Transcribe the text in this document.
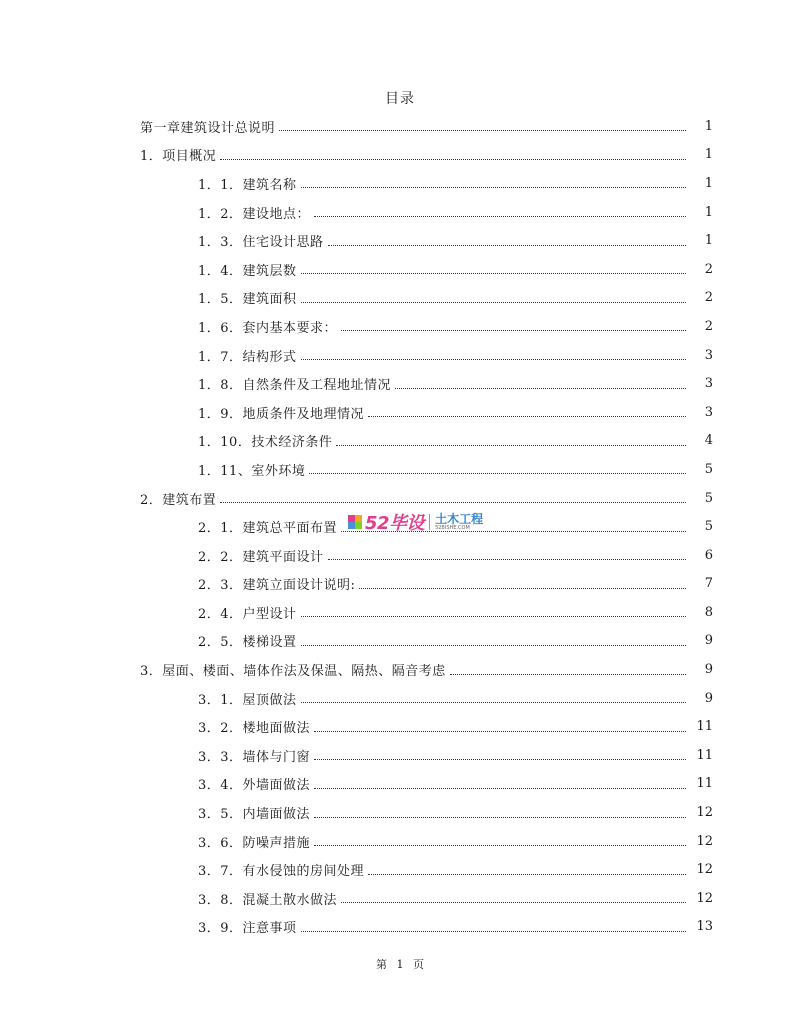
目录
第一章建筑设计总说明	1
1．项目概况	1
1．1．建筑名称	1
1．2．建设地点：	1
1．3．住宅设计思路	1
1．4．建筑层数	2
1．5．建筑面积	2
1．6．套内基本要求：	2
1．7．结构形式	3
1．8．自然条件及工程地址情况	3
1．9．地质条件及地理情况	3
1．10．技术经济条件	4
1．11、室外环境	5
2．建筑布置	5
2．1．建筑总平面布置	5
2．2．建筑平面设计	6
2．3．建筑立面设计说明:	7
2．4．户型设计	8
2．5．楼梯设置	9
3．屋面、楼面、墙体作法及保温、隔热、隔音考虑	9
3．1．屋顶做法	9
3．2．楼地面做法	11
3．3．墙体与门窗	11
3．4．外墙面做法	11
3．5．内墙面做法	12
3．6．防噪声措施	12
3．7．有水侵蚀的房间处理	12
3．8．混凝土散水做法	12
3．9．注意事项	13
52毕设 土木工程
52BISHE.COM
第 1 页
